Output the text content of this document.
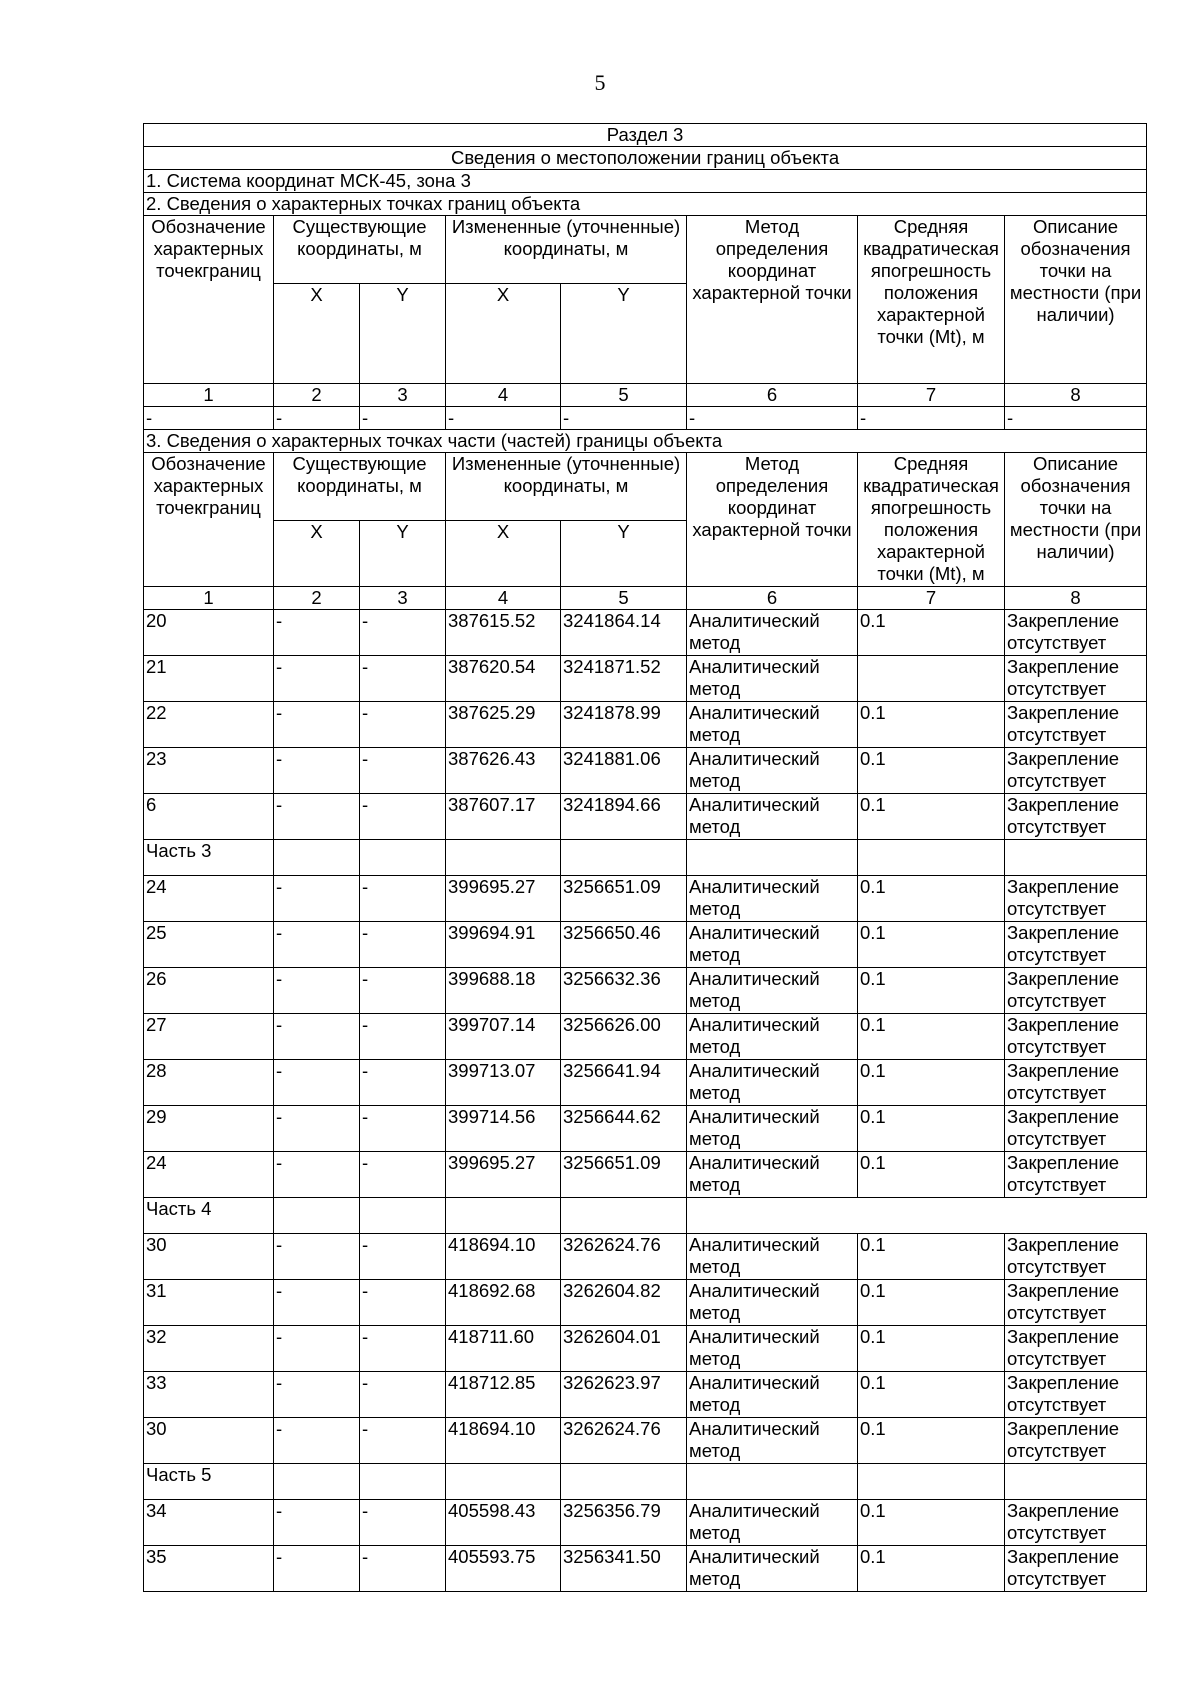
5
Раздел 3							
Сведения о местоположении границ объекта							
1. Система координат МСК-45, зона 3							
2. Сведения о характерных точках границ объекта							
Обозначение характерных точекграниц	Существующие координаты, м		Измененные (уточненные) координаты, м		Метод определения координат характерной точки	Средняя квадратическая япогрешность положения характерной точки (Mt), м	Описание обозначения точки на местности (при наличии)
	X	Y	X	Y			
1	2	3	4	5	6	7	8
-	-	-	-	-	-	-	-
3. Сведения о характерных точках части (частей) границы объекта							
Обозначение характерных точекграниц	Существующие координаты, м		Измененные (уточненные) координаты, м		Метод определения координат характерной точки	Средняя квадратическая япогрешность положения характерной точки (Mt), м	Описание обозначения точки на местности (при наличии)
	X	Y	X	Y			
1	2	3	4	5	6	7	8
20	-	-	387615.52	3241864.14	Аналитический метод	0.1	Закрепление отсутствует
21	-	-	387620.54	3241871.52	Аналитический метод		Закрепление отсутствует
22	-	-	387625.29	3241878.99	Аналитический метод	0.1	Закрепление отсутствует
23	-	-	387626.43	3241881.06	Аналитический метод	0.1	Закрепление отсутствует
6	-	-	387607.17	3241894.66	Аналитический метод	0.1	Закрепление отсутствует
Часть 3							
24	-	-	399695.27	3256651.09	Аналитический метод	0.1	Закрепление отсутствует
25	-	-	399694.91	3256650.46	Аналитический метод	0.1	Закрепление отсутствует
26	-	-	399688.18	3256632.36	Аналитический метод	0.1	Закрепление отсутствует
27	-	-	399707.14	3256626.00	Аналитический метод	0.1	Закрепление отсутствует
28	-	-	399713.07	3256641.94	Аналитический метод	0.1	Закрепление отсутствует
29	-	-	399714.56	3256644.62	Аналитический метод	0.1	Закрепление отсутствует
24	-	-	399695.27	3256651.09	Аналитический метод	0.1	Закрепление отсутствует
Часть 4							
30	-	-	418694.10	3262624.76	Аналитический метод	0.1	Закрепление отсутствует
31	-	-	418692.68	3262604.82	Аналитический метод	0.1	Закрепление отсутствует
32	-	-	418711.60	3262604.01	Аналитический метод	0.1	Закрепление отсутствует
33	-	-	418712.85	3262623.97	Аналитический метод	0.1	Закрепление отсутствует
30	-	-	418694.10	3262624.76	Аналитический метод	0.1	Закрепление отсутствует
Часть 5							
34	-	-	405598.43	3256356.79	Аналитический метод	0.1	Закрепление отсутствует
35	-	-	405593.75	3256341.50	Аналитический метод	0.1	Закрепление отсутствует
